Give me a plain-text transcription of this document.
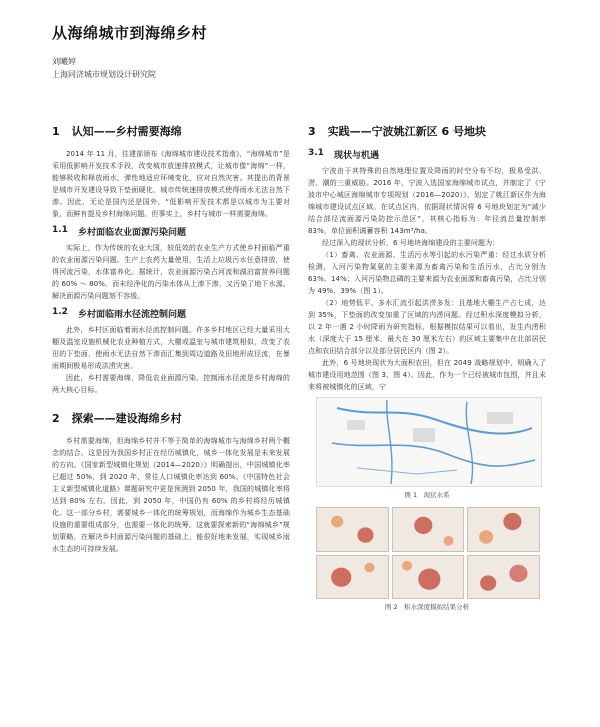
从海绵城市到海绵乡村
刘曦婷
上海同济城市规划设计研究院
1 认知——乡村需要海绵

2014 年 11 月，住建部颁布《海绵城市建设技术指南》，“海绵城市”是采用低影响开发技术手段，改变城市放速排放模式，让城市像“海绵”一样，能够吸收和释放雨水，弹性地适应环境变化，应对自然灾害。其提出的背景是城市开发建设导致下垫面硬化，城市传统速排放模式使得雨水无法自然下渗。因此，无论是国内还是国外，“低影响开发技术都是以城市为主要对象，而鲜有提及乡村海绵问题。但事实上，乡村与城市一样需要海绵。

1.1 乡村面临农业面源污染问题

实际上，作为传统的农业大国，较低效的农业生产方式使乡村面临严重的农业面源污染问题。生产上农药大量使用，生活上垃圾污水任意排放，使得河流污染，水体富养化。据统计，农业面源污染占河流和湖泊富营养问题的 60% ～ 80%。而未经净化的污染水体从上渗下渗，又污染了地下水源。解决面源污染问题刻不容缓。

1.2 乡村面临雨水径流控制问题

此外，乡村区面临着雨水径流控制问题。许多乡村地区已经大量采用大棚及温室设施机械化农业种植方式，大棚或温室与城市建筑相似，改变了农田的下垫面，使雨水无法自然下渗而汇集到周边道路及田地形成径流，在暴雨期间极易形成洪涝灾害。

因此，乡村需要海绵，降低农业面源污染、控制雨水径流是乡村海绵的两大核心目标。

2 探索——建设海绵乡村

乡村需要海绵，但海绵乡村并不等于简单的海绵城市与海绵乡村两个概念的结合。这是因为我国乡村正在经历城镇化，城乡一体化发展是未来发展的方向。《国家新型城镇化规划（2014—2020）》明确提出，中国城镇化率已超过 50%，到 2020 年，常住人口城镇化率达到 60%。《中国特色社会主义新型城镇化道路》课题研究中更是预测到 2050 年，我国的城镇化率将达到 80% 左右。因此，到 2050 年，中国仍有 60% 的乡村将经历城镇化。这一部分乡村，需要城乡一体化的统筹规划，而海绵作为城乡生态基础设施的重要组成部分，也需要一体化的统筹。这就要探索新的“海绵城乡”规划策略，在解决乡村面源污染问题的基础上，能很好地来发展，实现城乡雨水生态的可持续发展。

3 实践——宁波姚江新区 6 号地块
3.1 现状与机遇

宁波由于其特殊的自然地理位置及降雨的时空分布不均，极易受洪、涝、潮的三重威胁。2016 年，宁波入选国家海绵城市试点，并制定了《宁波市中心城区海绵城市专项规划（2016—2020）》，划定了姚江新区作为海绵城市建设试点区域。在试点区内，依据现状情况将 6 号地块划定为“减少结合部径流面源污染防控示范区”，其核心指标为：年径流总量控制率 83%，单位面积调蓄容积 143m³/ha。

经过深入的现状分析，6 号地块海绵建设的主要问题为：

（1）畜禽、农业面源、生活污水等引起的水污染严重：经过水质分析检测，入河污染物氮氨的主要来源为畜禽污染和生活污水，占比分别为 63%、14%；入河污染物总磷的主要来源为农业面源和畜禽污染，占比分别为 49%、39%（图 1）。

（2）地势低平、多水汇流引起洪涝多发：且基地大棚生产占七成，达到 35%，下垫面的改变加重了区域的内涝问题。经过积水深度模拟分析，以 2 年一遇 2 小时降雨为研究指标，根据模拟结果可以看出，发生内涝积水（深度大于 15 厘米，最大在 30 厘米左右）的区域主要集中在北部居民点和农田结合部分以及部分居民区内（图 2）。

此外，6 号地块现状为大面积农田，但在 2049 战略规划中，明确入了城市建设用地范围（图 3、图 4）。因此，作为一个已经被城市包围，并且未来将被城镇化的区域，宁

图 1　现状水系
图 2　积水深度模拟结果分析
